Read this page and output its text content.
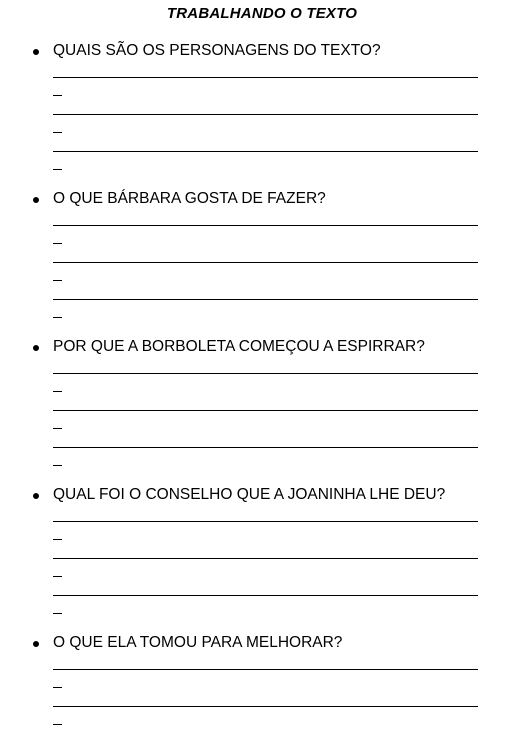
TRABALHANDO O TEXTO
QUAIS SÃO OS PERSONAGENS DO TEXTO?
O QUE BÁRBARA GOSTA DE FAZER?
POR QUE A BORBOLETA COMEÇOU A ESPIRRAR?
QUAL FOI O CONSELHO QUE A JOANINHA LHE DEU?
O QUE ELA TOMOU PARA MELHORAR?
